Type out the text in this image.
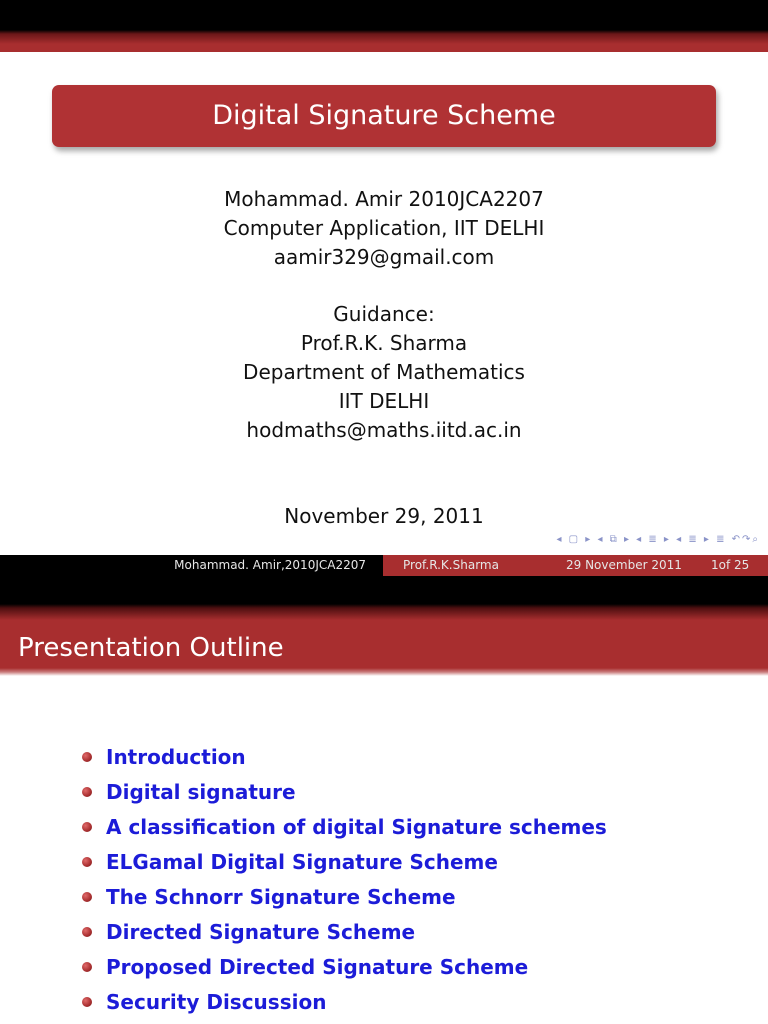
Digital Signature Scheme
Mohammad. Amir 2010JCA2207
Computer Application, IIT DELHI
aamir329@gmail.com
Guidance:
Prof.R.K. Sharma
Department of Mathematics
IIT DELHI
hodmaths@maths.iitd.ac.in
November 29, 2011
◂ ▢ ▸ ◂ ⧉ ▸ ◂ ≣ ▸ ◂ ≣ ▸ ≣ ↶↷⌕
Mohammad. Amir,2010JCA2207	Prof.R.K.Sharma	29 November 2011 1of 25
Presentation Outline
Introduction
Digital signature
A classification of digital Signature schemes
ELGamal Digital Signature Scheme
The Schnorr Signature Scheme
Directed Signature Scheme
Proposed Directed Signature Scheme
Security Discussion
